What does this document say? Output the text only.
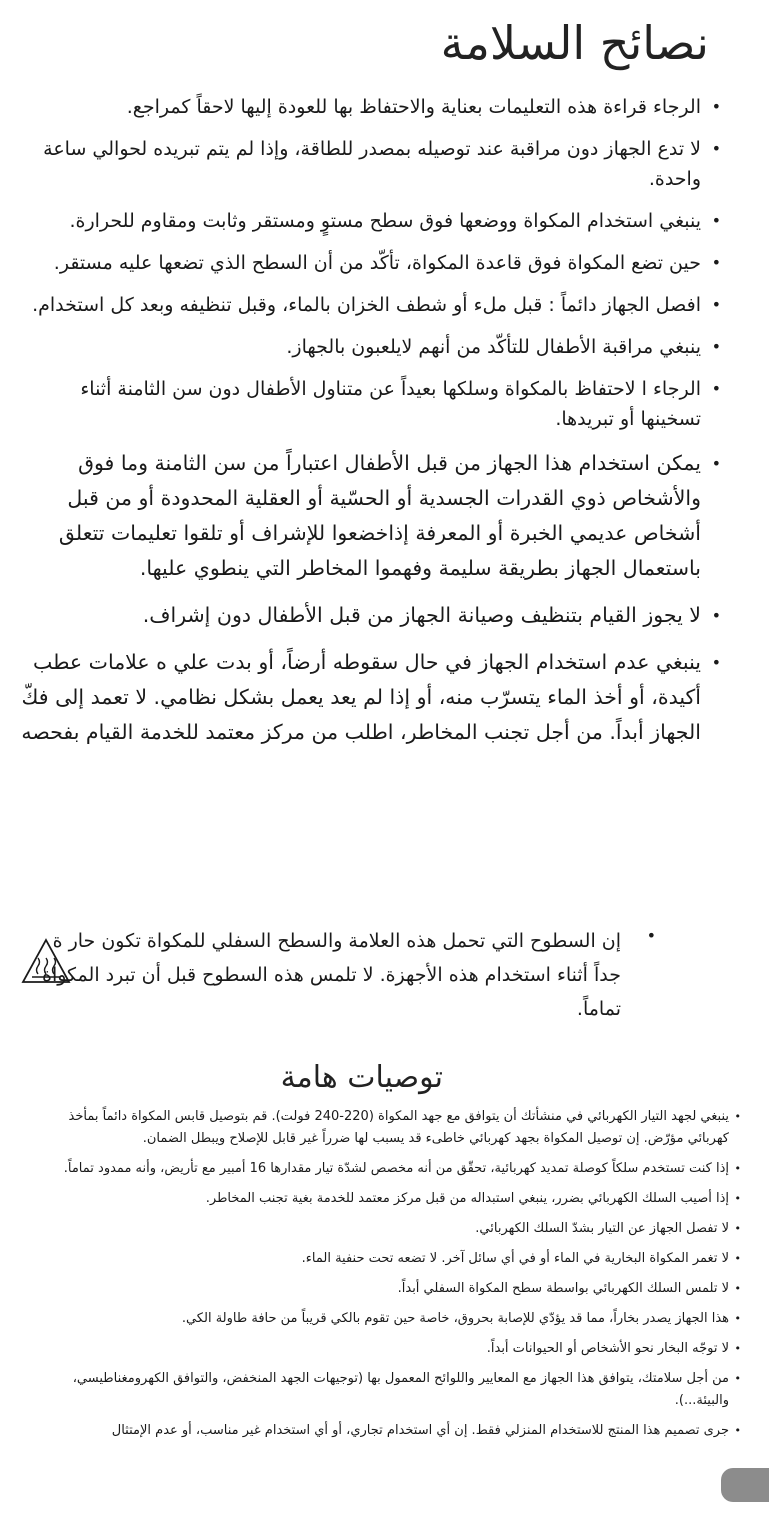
نصائح السلامة
•
الرجاء قراءة هذه التعليمات بعناية والاحتفاظ بها للعودة إليها لاحقاً كمراجع.
•
لا تدع الجهاز دون مراقبة عند توصيله بمصدر للطاقة، وإذا لم يتم تبريده لحوالي ساعة واحدة.
•
ينبغي استخدام المكواة ووضعها فوق سطح مستوٍ ومستقر وثابت ومقاوم للحرارة.
•
حين تضع المكواة فوق قاعدة المكواة، تأكّد من أن السطح الذي تضعها عليه مستقر.
•
افصل الجهاز دائماً : قبل ملء أو شطف الخزان بالماء، وقبل تنظيفه وبعد كل استخدام.
•
ينبغي مراقبة الأطفال للتأكّد من أنهم لايلعبون بالجهاز.
•
الرجاء ا لاحتفاظ بالمكواة وسلكها بعيداً عن متناول الأطفال دون سن الثامنة أثناء تسخينها أو تبريدها.
•
يمكن استخدام هذا الجهاز من قبل الأطفال اعتباراً من سن الثامنة وما فوق والأشخاص ذوي القدرات الجسدية أو الحسّية أو العقلية المحدودة أو من قبل أشخاص عديمي الخبرة أو المعرفة إذاخضعوا للإشراف أو تلقوا تعليمات تتعلق باستعمال الجهاز بطريقة سليمة وفهموا المخاطر التي ينطوي عليها.
•
لا يجوز القيام بتنظيف وصيانة الجهاز من قبل الأطفال دون إشراف.
•
ينبغي عدم استخدام الجهاز في حال سقوطه أرضاً، أو بدت علي ه علامات عطب أكيدة، أو أخذ الماء يتسرّب منه، أو إذا لم يعد يعمل بشكل نظامي. لا تعمد إلى فكّ الجهاز أبداً. من أجل تجنب المخاطر، اطلب من مركز معتمد للخدمة القيام بفحصه
•
إن السطوح التي تحمل هذه العلامة والسطح السفلي للمكواة تكون حار ة جداً أثناء استخدام هذه الأجهزة. لا تلمس هذه السطوح قبل أن تبرد المكواة تماماً.
توصيات هامة
•
ينبغي لجهد التيار الكهربائي في منشأتك أن يتوافق مع جهد المكواة (220-240 فولت). قم بتوصيل قابس المكواة دائماً بمأخذ كهربائي مؤرّض. إن توصيل المكواة بجهد كهربائي خاطىء قد يسبب لها ضرراً غير قابل للإصلاح ويبطل الضمان.
•
إذا كنت تستخدم سلكاً كوصلة تمديد كهربائية، تحقّق من أنه مخصص لشدّة تيار مقدارها 16 أمبير مع تأريض، وأنه ممدود تماماً.
•
إذا أصيب السلك الكهربائي بضرر، ينبغي استبداله من قبل مركز معتمد للخدمة بغية تجنب المخاطر.
•
لا تفصل الجهاز عن التيار بشدّ السلك الكهربائي.
•
لا تغمر المكواة البخارية في الماء أو في أي سائل آخر. لا تضعه تحت حنفية الماء.
•
لا تلمس السلك الكهربائي بواسطة سطح المكواة السفلي أبداً.
•
هذا الجهاز يصدر بخاراً، مما قد يؤدّي للإصابة بحروق، خاصة حين تقوم بالكي قريباً من حافة طاولة الكي.
•
لا توجّه البخار نحو الأشخاص أو الحيوانات أبداً.
•
من أجل سلامتك، يتوافق هذا الجهاز مع المعايير واللوائح المعمول بها (توجيهات الجهد المنخفض، والتوافق الكهرومغناطيسي، والبيئة...).
•
جرى تصميم هذا المنتج للاستخدام المنزلي فقط. إن أي استخدام تجاري، أو أي استخدام غير مناسب، أو عدم الإمتثال
